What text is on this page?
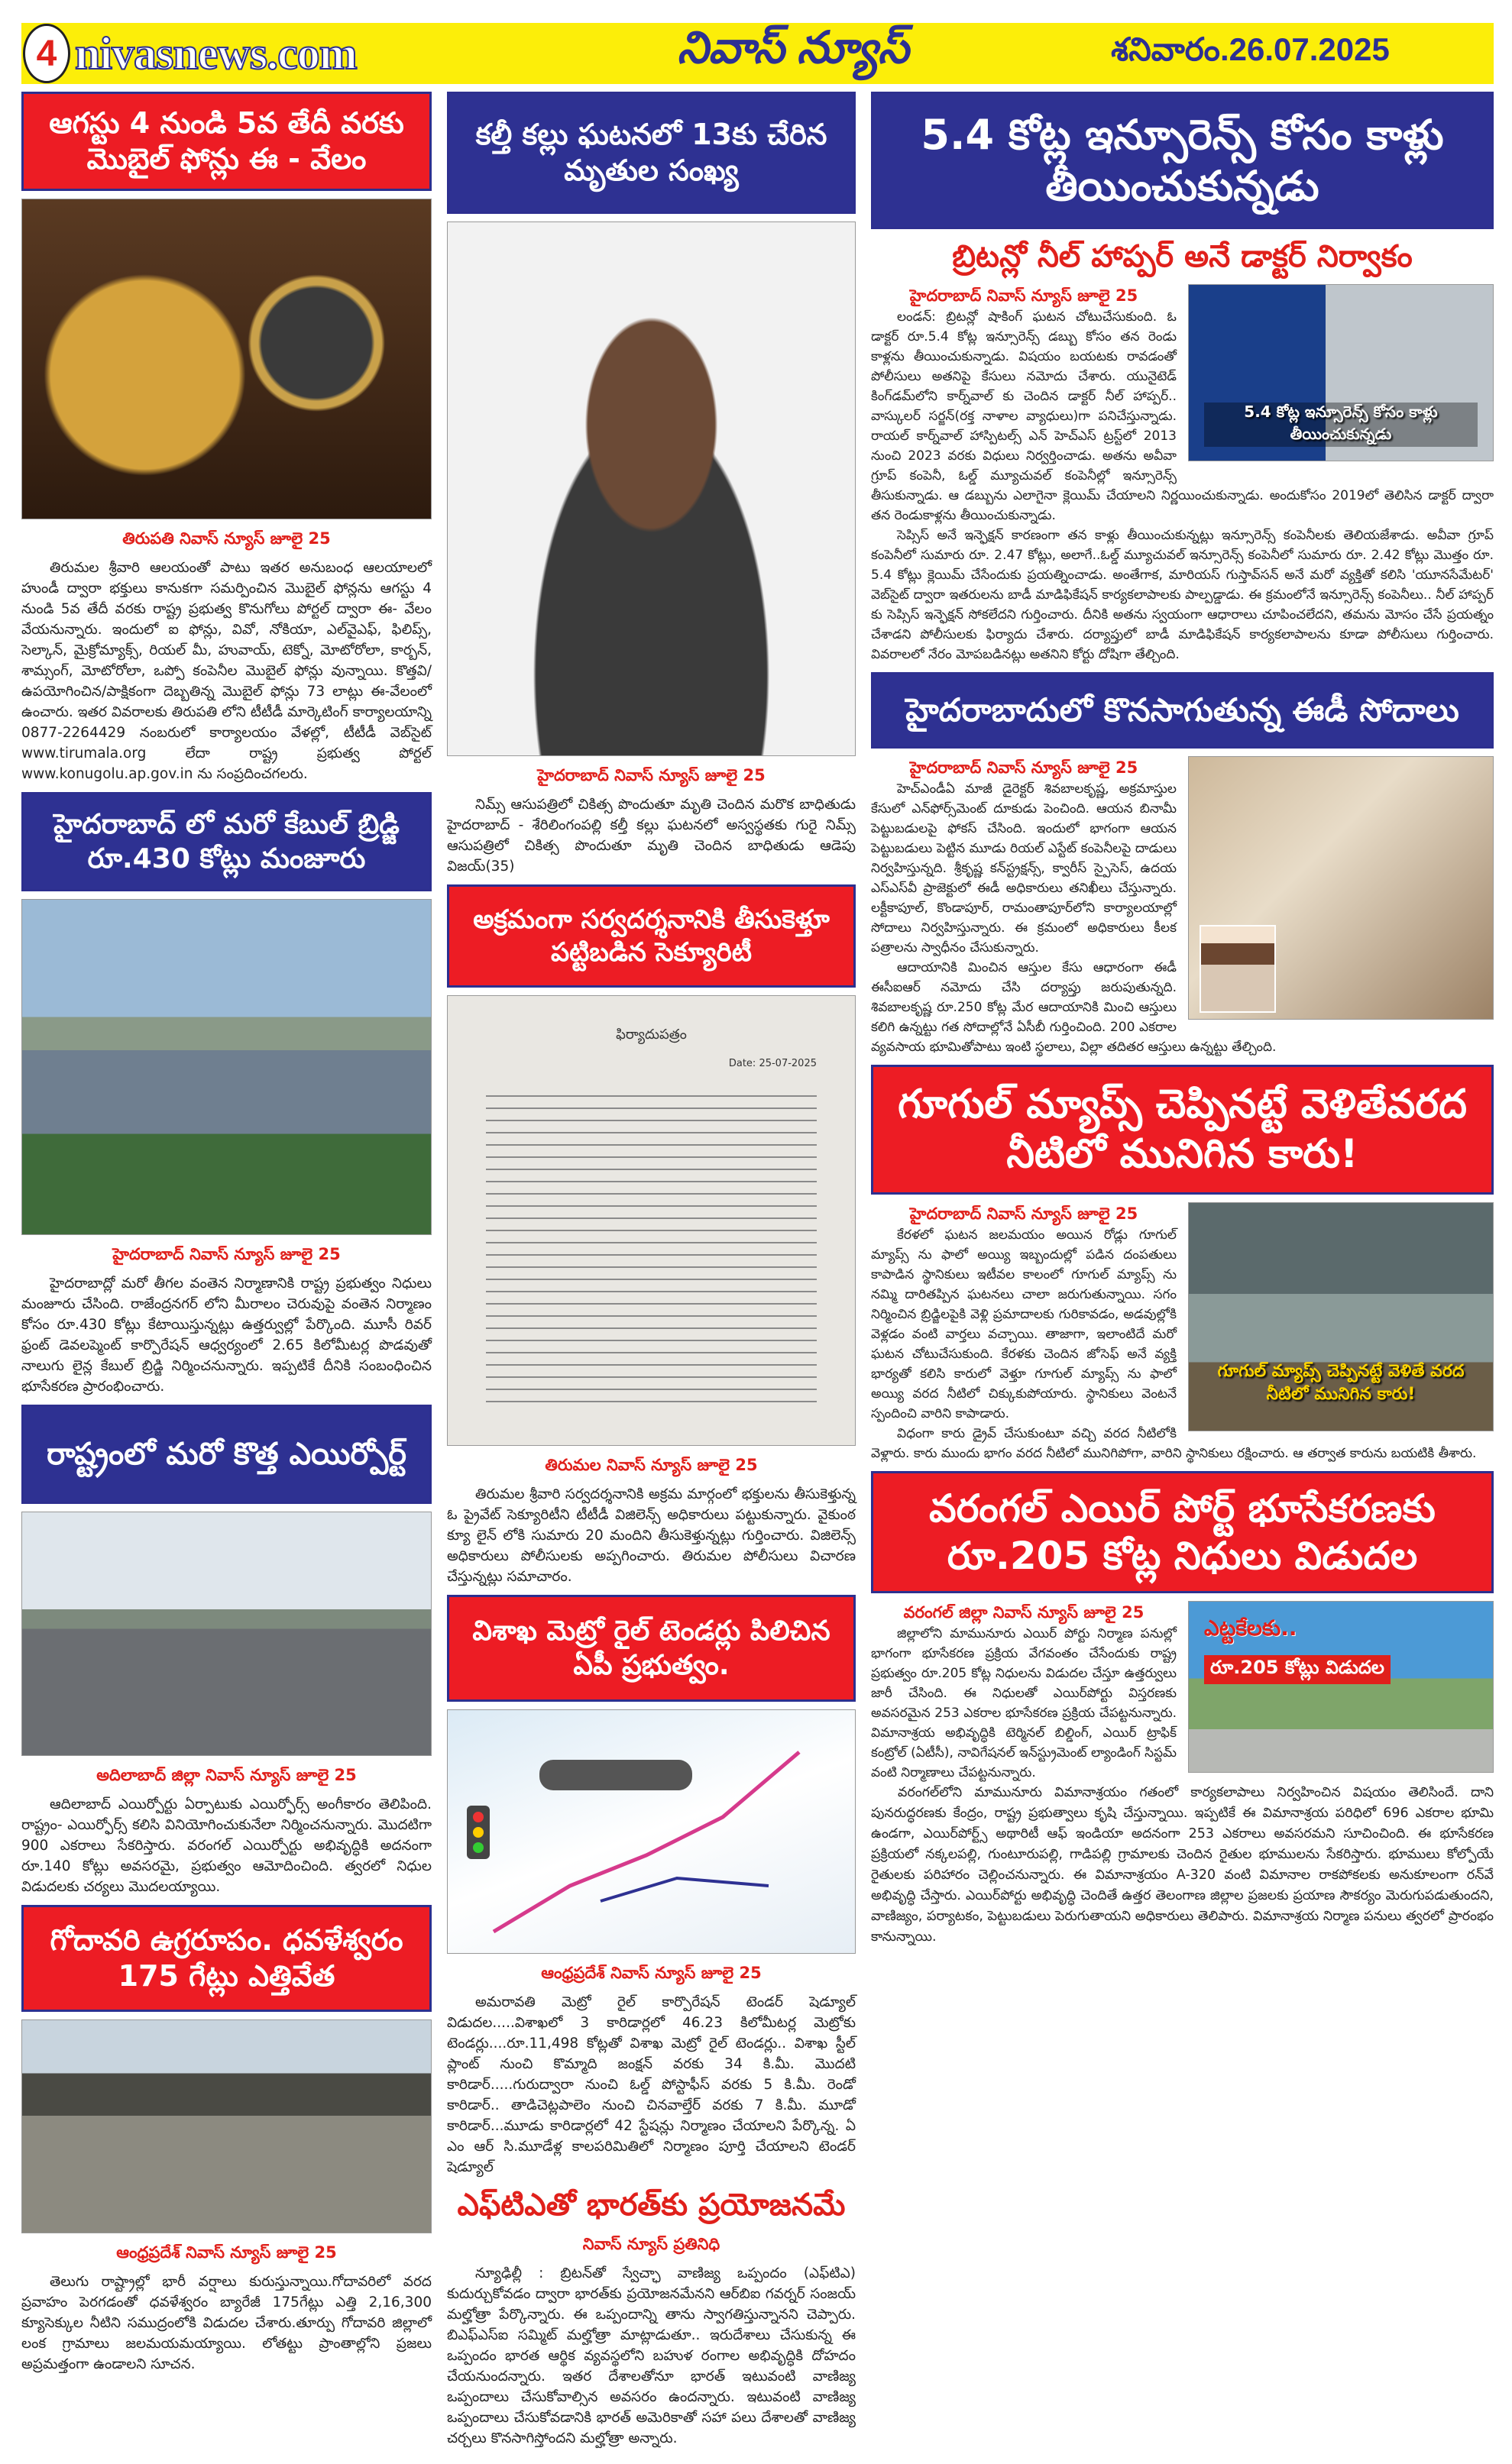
4 nivasnews.com	నివాస్ న్యూస్	శనివారం.26.07.2025
ఆగస్టు 4 నుండి 5వ తేదీ వరకు మొబైల్ ఫోన్లు ఈ - వేలం
తిరుపతి నివాస్ న్యూస్ జూలై 25
తిరుమల శ్రీవారి ఆలయంతో పాటు ఇతర అనుబంధ ఆలయాలలో హుండీ ద్వారా భక్తులు కానుకగా సమర్పించిన మొబైల్ ఫోన్లను ఆగస్టు 4 నుండి 5వ తేదీ వరకు రాష్ట్ర ప్రభుత్వ కొనుగోలు పోర్టల్ ద్వారా ఈ- వేలం వేయనున్నారు. ఇందులో ఐ ఫోన్లు, వివో, నోకియా, ఎల్‌వైఎఫ్, ఫిలిప్స్, సెల్కాన్, మైక్రోమ్యాక్స్, రియల్ మీ, హువాయ్, టెక్నో, మోటోరోలా, కార్బన్, శామ్సంగ్, మోటోరోలా, ఒప్పో కంపెనీల మొబైల్ ఫోన్లు వున్నాయి. కొత్తవి/ఉపయోగించిన/పాక్షికంగా దెబ్బతిన్న మొబైల్ ఫోన్లు 73 లాట్లు ఈ-వేలంలో ఉంచారు. ఇతర వివరాలకు తిరుపతి లోని టీటీడీ మార్కెటింగ్ కార్యాలయాన్ని 0877-2264429 నంబరులో కార్యాలయం వేళల్లో, టీటీడీ వెబ్‌సైట్ www.tirumala.org లేదా రాష్ట్ర ప్రభుత్వ పోర్టల్ www.konugolu.ap.gov.in ను సంప్రదించగలరు.
హైదరాబాద్ లో మరో కేబుల్ బ్రిడ్జి రూ.430 కోట్లు మంజూరు
హైదరాబాద్ నివాస్ న్యూస్ జూలై 25
హైదరాబాద్లో మరో తీగల వంతెన నిర్మాణానికి రాష్ట్ర ప్రభుత్వం నిధులు మంజూరు చేసింది. రాజేంద్రనగర్ లోని మీరాలం చెరువుపై వంతెన నిర్మాణం కోసం రూ.430 కోట్లు కేటాయిస్తున్నట్లు ఉత్తర్వుల్లో పేర్కొంది. మూసీ రివర్ ఫ్రంట్ డెవలప్మెంట్ కార్పొరేషన్ ఆధ్వర్యంలో 2.65 కిలోమీటర్ల పొడవుతో నాలుగు లైన్ల కేబుల్ బ్రిడ్జి నిర్మించనున్నారు. ఇప్పటికే దీనికి సంబంధించిన భూసేకరణ ప్రారంభించారు.
రాష్ట్రంలో మరో కొత్త ఎయిర్పోర్ట్
అదిలాబాద్ జిల్లా నివాస్ న్యూస్ జూలై 25
ఆదిలాబాద్ ఎయిర్పోర్టు ఏర్పాటుకు ఎయిర్ఫోర్స్ అంగీకారం తెలిపింది. రాష్ట్రం- ఎయిర్ఫోర్స్ కలిసి వినియోగించుకునేలా నిర్మించనున్నారు. మొదటిగా 900 ఎకరాలు సేకరిస్తారు. వరంగల్ ఎయిర్పోర్టు అభివృద్ధికి అదనంగా రూ.140 కోట్లు అవసరమై, ప్రభుత్వం ఆమోదించింది. త్వరలో నిధుల విడుదలకు చర్యలు మొదలయ్యాయి.
గోదావరి ఉగ్రరూపం. ధవళేశ్వరం 175 గేట్లు ఎత్తివేత
ఆంధ్రప్రదేశ్ నివాస్ న్యూస్ జూలై 25
తెలుగు రాష్ట్రాల్లో భారీ వర్షాలు కురుస్తున్నాయి.గోదావరిలో వరద ప్రవాహం పెరగడంతో ధవళేశ్వరం బ్యారేజీ 175గేట్లు ఎత్తి 2,16,300 క్యూసెక్కుల నీటిని సముద్రంలోకి విడుదల చేశారు.తూర్పు గోదావరి జిల్లాలో లంక గ్రామాలు జలమయమయ్యాయి. లోతట్టు ప్రాంతాల్లోని ప్రజలు అప్రమత్తంగా ఉండాలని సూచన.
కల్తీ కల్లు ఘటనలో 13కు చేరిన మృతుల సంఖ్య
హైదరాబాద్ నివాస్ న్యూస్ జూలై 25
నిమ్స్ ఆసుపత్రిలో చికిత్స పొందుతూ మృతి చెందిన మరొక బాధితుడు హైదరాబాద్ - శేరిలింగంపల్లి కల్తీ కల్లు ఘటనలో అస్వస్థతకు గురై నిమ్స్ ఆసుపత్రిలో చికిత్స పొందుతూ మృతి చెందిన బాధితుడు ఆడెపు విజయ్(35)
అక్రమంగా సర్వదర్శనానికి తీసుకెళ్తూ పట్టిబడిన సెక్యూరిటీ
ఫిర్యాదుపత్రం
Date: 25-07-2025
తిరుమల నివాస్ న్యూస్ జూలై 25
తిరుమల శ్రీవారి సర్వదర్శనానికి అక్రమ మార్గంలో భక్తులను తీసుకెళ్తున్న ఓ ప్రైవేట్ సెక్యూరిటీని టీటీడీ విజిలెన్స్ అధికారులు పట్టుకున్నారు. వైకుంఠ క్యూ లైన్ లోకి సుమారు 20 మందిని తీసుకెళ్తున్నట్లు గుర్తించారు. విజిలెన్స్ అధికారులు పోలీసులకు అప్పగించారు. తిరుమల పోలీసులు విచారణ చేస్తున్నట్లు సమాచారం.
విశాఖ మెట్రో రైల్ టెండర్లు పిలిచిన ఏపీ ప్రభుత్వం.
ఆంధ్రప్రదేశ్ నివాస్ న్యూస్ జూలై 25
అమరావతి మెట్రో రైల్ కార్పొరేషన్ టెండర్ షెడ్యూల్ విడుదల.....విశాఖలో 3 కారిడార్లలో 46.23 కిలోమీటర్ల మెట్రోకు టెండర్లు....రూ.11,498 కోట్లతో విశాఖ మెట్రో రైల్ టెండర్లు.. విశాఖ స్టీల్ ప్లాంట్ నుంచి కొమ్మాది జంక్షన్ వరకు 34 కి.మీ. మొదటి కారిడార్.....గురుద్వారా నుంచి ఓల్డ్ పోస్టాఫీస్ వరకు 5 కి.మీ. రెండో కారిడార్.. తాడిచెట్లపాలెం నుంచి చినవాల్తేర్ వరకు 7 కి.మీ. మూడో కారిడార్...మూడు కారిడార్లలో 42 స్టేషన్లు నిర్మాణం చేయాలని పేర్కొన్న. ఏ ఎం ఆర్ సి.మూడేళ్ల కాలపరిమితిలో నిర్మాణం పూర్తి చేయాలని టెండర్ షెడ్యూల్
ఎఫ్‌టిఎతో భారత్‌కు ప్రయోజనమే
నివాస్ న్యూస్ ప్రతినిధి
న్యూఢిల్లీ : బ్రిటన్‌తో స్వేచ్ఛా వాణిజ్య ఒప్పందం (ఎఫ్‌టిఎ) కుదుర్చుకోవడం ద్వారా భారత్‌కు ప్రయోజనమేనని ఆర్‌బిఐ గవర్నర్ సంజయ్ మల్హోత్రా పేర్కొన్నారు. ఈ ఒప్పందాన్ని తాను స్వాగతిస్తున్నానని చెప్పారు. బిఎఫ్‌ఎస్‌ఐ సమ్మిట్ మల్హోత్రా మాట్లాడుతూ.. ఇరుదేశాలు చేసుకున్న ఈ ఒప్పందం భారత ఆర్థిక వ్యవస్థలోని బహుళ రంగాల అభివృద్ధికి దోహదం చేయనుందన్నారు. ఇతర దేశాలతోనూ భారత్ ఇటువంటి వాణిజ్య ఒప్పందాలు చేసుకోవాల్సిన అవసరం ఉందన్నారు. ఇటువంటి వాణిజ్య ఒప్పందాలు చేసుకోవడానికి భారత్ అమెరికాతో సహా పలు దేశాలతో వాణిజ్య చర్చలు కొనసాగిస్తోందని మల్హోత్రా అన్నారు.
5.4 కోట్ల ఇన్సూరెన్స్ కోసం కాళ్లు తీయించుకున్నడు
బ్రిటన్లో నీల్ హాప్పర్ అనే డాక్టర్ నిర్వాకం
5.4 కోట్ల ఇన్సూరెన్స్ కోసం కాళ్లు తీయించుకున్నడు
హైదరాబాద్ నివాస్ న్యూస్ జూలై 25

లండన్: బ్రిటన్లో షాకింగ్ ఘటన చోటుచేసుకుంది. ఓ డాక్టర్ రూ.5.4 కోట్ల ఇన్సూరెన్స్ డబ్బు కోసం తన రెండు కాళ్లను తీయించుకున్నాడు. విషయం బయటకు రావడంతో పోలీసులు అతనిపై కేసులు నమోదు చేశారు. యునైటెడ్ కింగ్‌డమ్‌లోని కార్న్‌వాల్ కు చెందిన డాక్టర్ నీల్ హాప్పర్.. వాస్కులర్ సర్జన్(రక్త నాళాల వ్యాధులు)గా పనిచేస్తున్నాడు. రాయల్ కార్న్‌వాల్ హాస్పిటల్స్ ఎన్ హెచ్‌ఎస్ ట్రస్ట్‌లో 2013 నుంచి 2023 వరకు విధులు నిర్వర్తించాడు. అతను అవీవా గ్రూప్ కంపెనీ, ఓల్డ్ మ్యూచువల్ కంపెనీల్లో ఇన్సూరెన్స్ తీసుకున్నాడు. ఆ డబ్బును ఎలాగైనా క్లెయిమ్ చేయాలని నిర్ణయించుకున్నాడు. అందుకోసం 2019లో తెలిసిన డాక్టర్ ద్వారా తన రెండుకాళ్లను తీయించుకున్నాడు.

సెప్సిస్ అనే ఇన్ఫెక్షన్ కారణంగా తన కాళ్లు తీయించుకున్నట్లు ఇన్సూరెన్స్ కంపెనీలకు తెలియజేశాడు. అవీవా గ్రూప్ కంపెనీలో సుమారు రూ. 2.47 కోట్లు, అలాగే..ఓల్డ్ మ్యూచువల్ ఇన్సూరెన్స్ కంపెనీలో సుమారు రూ. 2.42 కోట్లు మొత్తం రూ. 5.4 కోట్లు క్లెయిమ్ చేసేందుకు ప్రయత్నించాడు. అంతేగాక, మారియస్ గుస్తావ్‌సన్ అనే మరో వ్యక్తితో కలిసి 'యూనసేమేటర్' వెబ్‌సైట్ ద్వారా ఇతరులను బాడీ మాడిఫికేషన్ కార్యకలాపాలకు పాల్పడ్డాడు. ఈ క్రమంలోనే ఇన్సూరెన్స్ కంపెనీలు.. నీల్ హాప్పర్ కు సెప్సిస్ ఇన్ఫెక్షన్ సోకలేదని గుర్తించారు. దీనికి అతను స్వయంగా ఆధారాలు చూపించలేదని, తమను మోసం చేసే ప్రయత్నం చేశాడని పోలీసులకు ఫిర్యాదు చేశారు. దర్యాప్తులో బాడీ మాడిఫికేషన్ కార్యకలాపాలను కూడా పోలీసులు గుర్తించారు. వివరాలలో నేరం మోపబడినట్లు అతనిని కోర్టు దోషిగా తేల్చింది.

హైదరాబాదులో కొనసాగుతున్న ఈడీ సోదాలు
హైదరాబాద్ నివాస్ న్యూస్ జూలై 25

హెచ్‌ఎండీఏ మాజీ డైరెక్టర్ శివబాలకృష్ణ, అక్రమాస్తుల కేసులో ఎన్‌ఫోర్స్‌మెంట్ దూకుడు పెంచింది. ఆయన బినామీ పెట్టుబడులపై ఫోకస్ చేసింది. ఇందులో భాగంగా ఆయన పెట్టుబడులు పెట్టిన మూడు రియల్ ఎస్టేట్ కంపెనీలపై దాడులు నిర్వహిస్తున్నది. శ్రీకృష్ణ కన్‌స్ట్రక్షన్స్, క్వారీస్ స్పైసెస్, ఉదయ ఎస్‌ఎస్‌వీ ప్రాజెక్టులో ఈడీ అధికారులు తనిఖీలు చేస్తున్నారు. లక్టీకాపూల్, కొండాపూర్, రామంతాపూర్‌లోని కార్యాలయాల్లో సోదాలు నిర్వహిస్తున్నారు. ఈ క్రమంలో అధికారులు కీలక పత్రాలను స్వాధీనం చేసుకున్నారు.

ఆదాయానికి మించిన ఆస్తుల కేసు ఆధారంగా ఈడీ ఈసీఐఆర్ నమోదు చేసి దర్యాప్తు జరుపుతున్నది. శివబాలకృష్ణ రూ.250 కోట్ల మేర ఆదాయానికి మించి ఆస్తులు కలిగి ఉన్నట్టు గత సోదాల్లోనే ఏసీబీ గుర్తించింది. 200 ఎకరాల వ్యవసాయ భూమితోపాటు ఇంటి స్థలాలు, విల్లా తదితర ఆస్తులు ఉన్నట్టు తేల్చింది.

గూగుల్ మ్యాప్స్ చెప్పినట్టే వెళితేవరద నీటిలో మునిగిన కారు!
గూగుల్ మ్యాప్స్ చెప్పినట్టే వెళితే వరద నీటిలో మునిగిన కారు!
హైదరాబాద్ నివాస్ న్యూస్ జూలై 25

కేరళలో ఘటన జలమయం అయిన రోడ్లు గూగుల్ మ్యాప్స్ ను ఫాలో అయ్యి ఇబ్బందుల్లో పడిన దంపతులు కాపాడిన స్థానికులు ఇటీవల కాలంలో గూగుల్ మ్యాప్స్ ను నమ్మి దారితప్పిన ఘటనలు చాలా జరుగుతున్నాయి. సగం నిర్మించిన బ్రిడ్జిలపైకి వెళ్లి ప్రమాదాలకు గురికావడం, అడవుల్లోకి వెళ్లడం వంటి వార్తలు వచ్చాయి. తాజాగా, ఇలాంటిదే మరో ఘటన చోటుచేసుకుంది. కేరళకు చెందిన జోసెఫ్ అనే వ్యక్తి భార్యతో కలిసి కారులో వెళ్తూ గూగుల్ మ్యాప్స్ ను ఫాలో అయ్యి వరద నీటిలో చిక్కుకుపోయారు. స్థానికులు వెంటనే స్పందించి వారిని కాపాడారు.

విధంగా కారు డ్రైవ్ చేసుకుంటూ వచ్చి వరద నీటిలోకి వెళ్లారు. కారు ముందు భాగం వరద నీటిలో మునిగిపోగా, వారిని స్థానికులు రక్షించారు. ఆ తర్వాత కారును బయటికి తీశారు.

వరంగల్ ఎయిర్ పోర్ట్ భూసేకరణకు రూ.205 కోట్ల నిధులు విడుదల
ఎట్టకేలకు..
రూ.205 కోట్లు విడుదల
వరంగల్ జిల్లా నివాస్ న్యూస్ జూలై 25

జిల్లాలోని మామునూరు ఎయిర్ పోర్టు నిర్మాణ పనుల్లో భాగంగా భూసేకరణ ప్రక్రియ వేగవంతం చేసేందుకు రాష్ట్ర ప్రభుత్వం రూ.205 కోట్ల నిధులను విడుదల చేస్తూ ఉత్తర్వులు జారీ చేసింది. ఈ నిధులతో ఎయిర్‌పోర్టు విస్తరణకు అవసరమైన 253 ఎకరాల భూసేకరణ ప్రక్రియ చేపట్టనున్నారు. విమానాశ్రయ అభివృద్ధికి టెర్మినల్ బిల్డింగ్, ఎయిర్ ట్రాఫిక్ కంట్రోల్ (ఏటీసీ), నావిగేషనల్ ఇన్‌స్ట్రుమెంట్ ల్యాండింగ్ సిస్టమ్ వంటి నిర్మాణాలు చేపట్టనున్నారు.

వరంగల్‌లోని మామునూరు విమానాశ్రయం గతంలో కార్యకలాపాలు నిర్వహించిన విషయం తెలిసిందే. దాని పునరుద్ధరణకు కేంద్రం, రాష్ట్ర ప్రభుత్వాలు కృషి చేస్తున్నాయి. ఇప్పటికే ఈ విమానాశ్రయ పరిధిలో 696 ఎకరాల భూమి ఉండగా, ఎయిర్‌పోర్ట్స్ అథారిటీ ఆఫ్ ఇండియా అదనంగా 253 ఎకరాలు అవసరమని సూచించింది. ఈ భూసేకరణ ప్రక్రియలో నక్కలపల్లి, గుంటూరుపల్లి, గాడిపల్లి గ్రామాలకు చెందిన రైతుల భూములను సేకరిస్తారు. భూములు కోల్పోయే రైతులకు పరిహారం చెల్లించనున్నారు. ఈ విమానాశ్రయం A-320 వంటి విమానాల రాకపోకలకు అనుకూలంగా రన్‌వే అభివృద్ధి చేస్తారు. ఎయిర్‌పోర్టు అభివృద్ధి చెందితే ఉత్తర తెలంగాణ జిల్లాల ప్రజలకు ప్రయాణ సౌకర్యం మెరుగుపడుతుందని, వాణిజ్యం, పర్యాటకం, పెట్టుబడులు పెరుగుతాయని అధికారులు తెలిపారు. విమానాశ్రయ నిర్మాణ పనులు త్వరలో ప్రారంభం కానున్నాయి.
